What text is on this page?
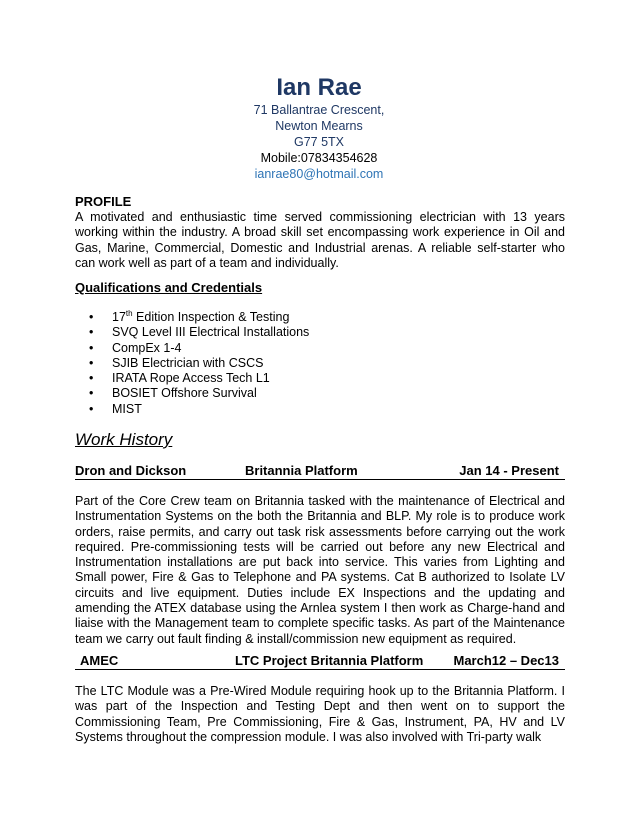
Ian Rae
71 Ballantrae Crescent,
Newton Mearns
G77 5TX
Mobile:07834354628
ianrae80@hotmail.com
PROFILE
A motivated and enthusiastic time served commissioning electrician with 13 years working within the industry. A broad skill set encompassing work experience in Oil and Gas, Marine, Commercial, Domestic and Industrial arenas. A reliable self-starter who can work well as part of a team and individually.
Qualifications and Credentials
• 17th Edition Inspection & Testing
• SVQ Level III Electrical Installations
• CompEx 1-4
• SJIB Electrician with CSCS
• IRATA Rope Access Tech L1
• BOSIET Offshore Survival
• MIST
Work History
Dron and Dickson	Britannia Platform	Jan 14 - Present
Part of the Core Crew team on Britannia tasked with the maintenance of Electrical and Instrumentation Systems on the both the Britannia and BLP. My role is to produce work orders, raise permits, and carry out task risk assessments before carrying out the work required. Pre-commissioning tests will be carried out before any new Electrical and Instrumentation installations are put back into service. This varies from Lighting and Small power, Fire & Gas to Telephone and PA systems. Cat B authorized to Isolate LV circuits and live equipment. Duties include EX Inspections and the updating and amending the ATEX database using the Arnlea system I then work as Charge-hand and liaise with the Management team to complete specific tasks. As part of the Maintenance team we carry out fault finding & install/commission new equipment as required.
AMEC	LTC Project Britannia Platform March12 – Dec13
The LTC Module was a Pre-Wired Module requiring hook up to the Britannia Platform. I was part of the Inspection and Testing Dept and then went on to support the Commissioning Team, Pre Commissioning, Fire & Gas, Instrument, PA, HV and LV Systems throughout the compression module. I was also involved with Tri-party walk
